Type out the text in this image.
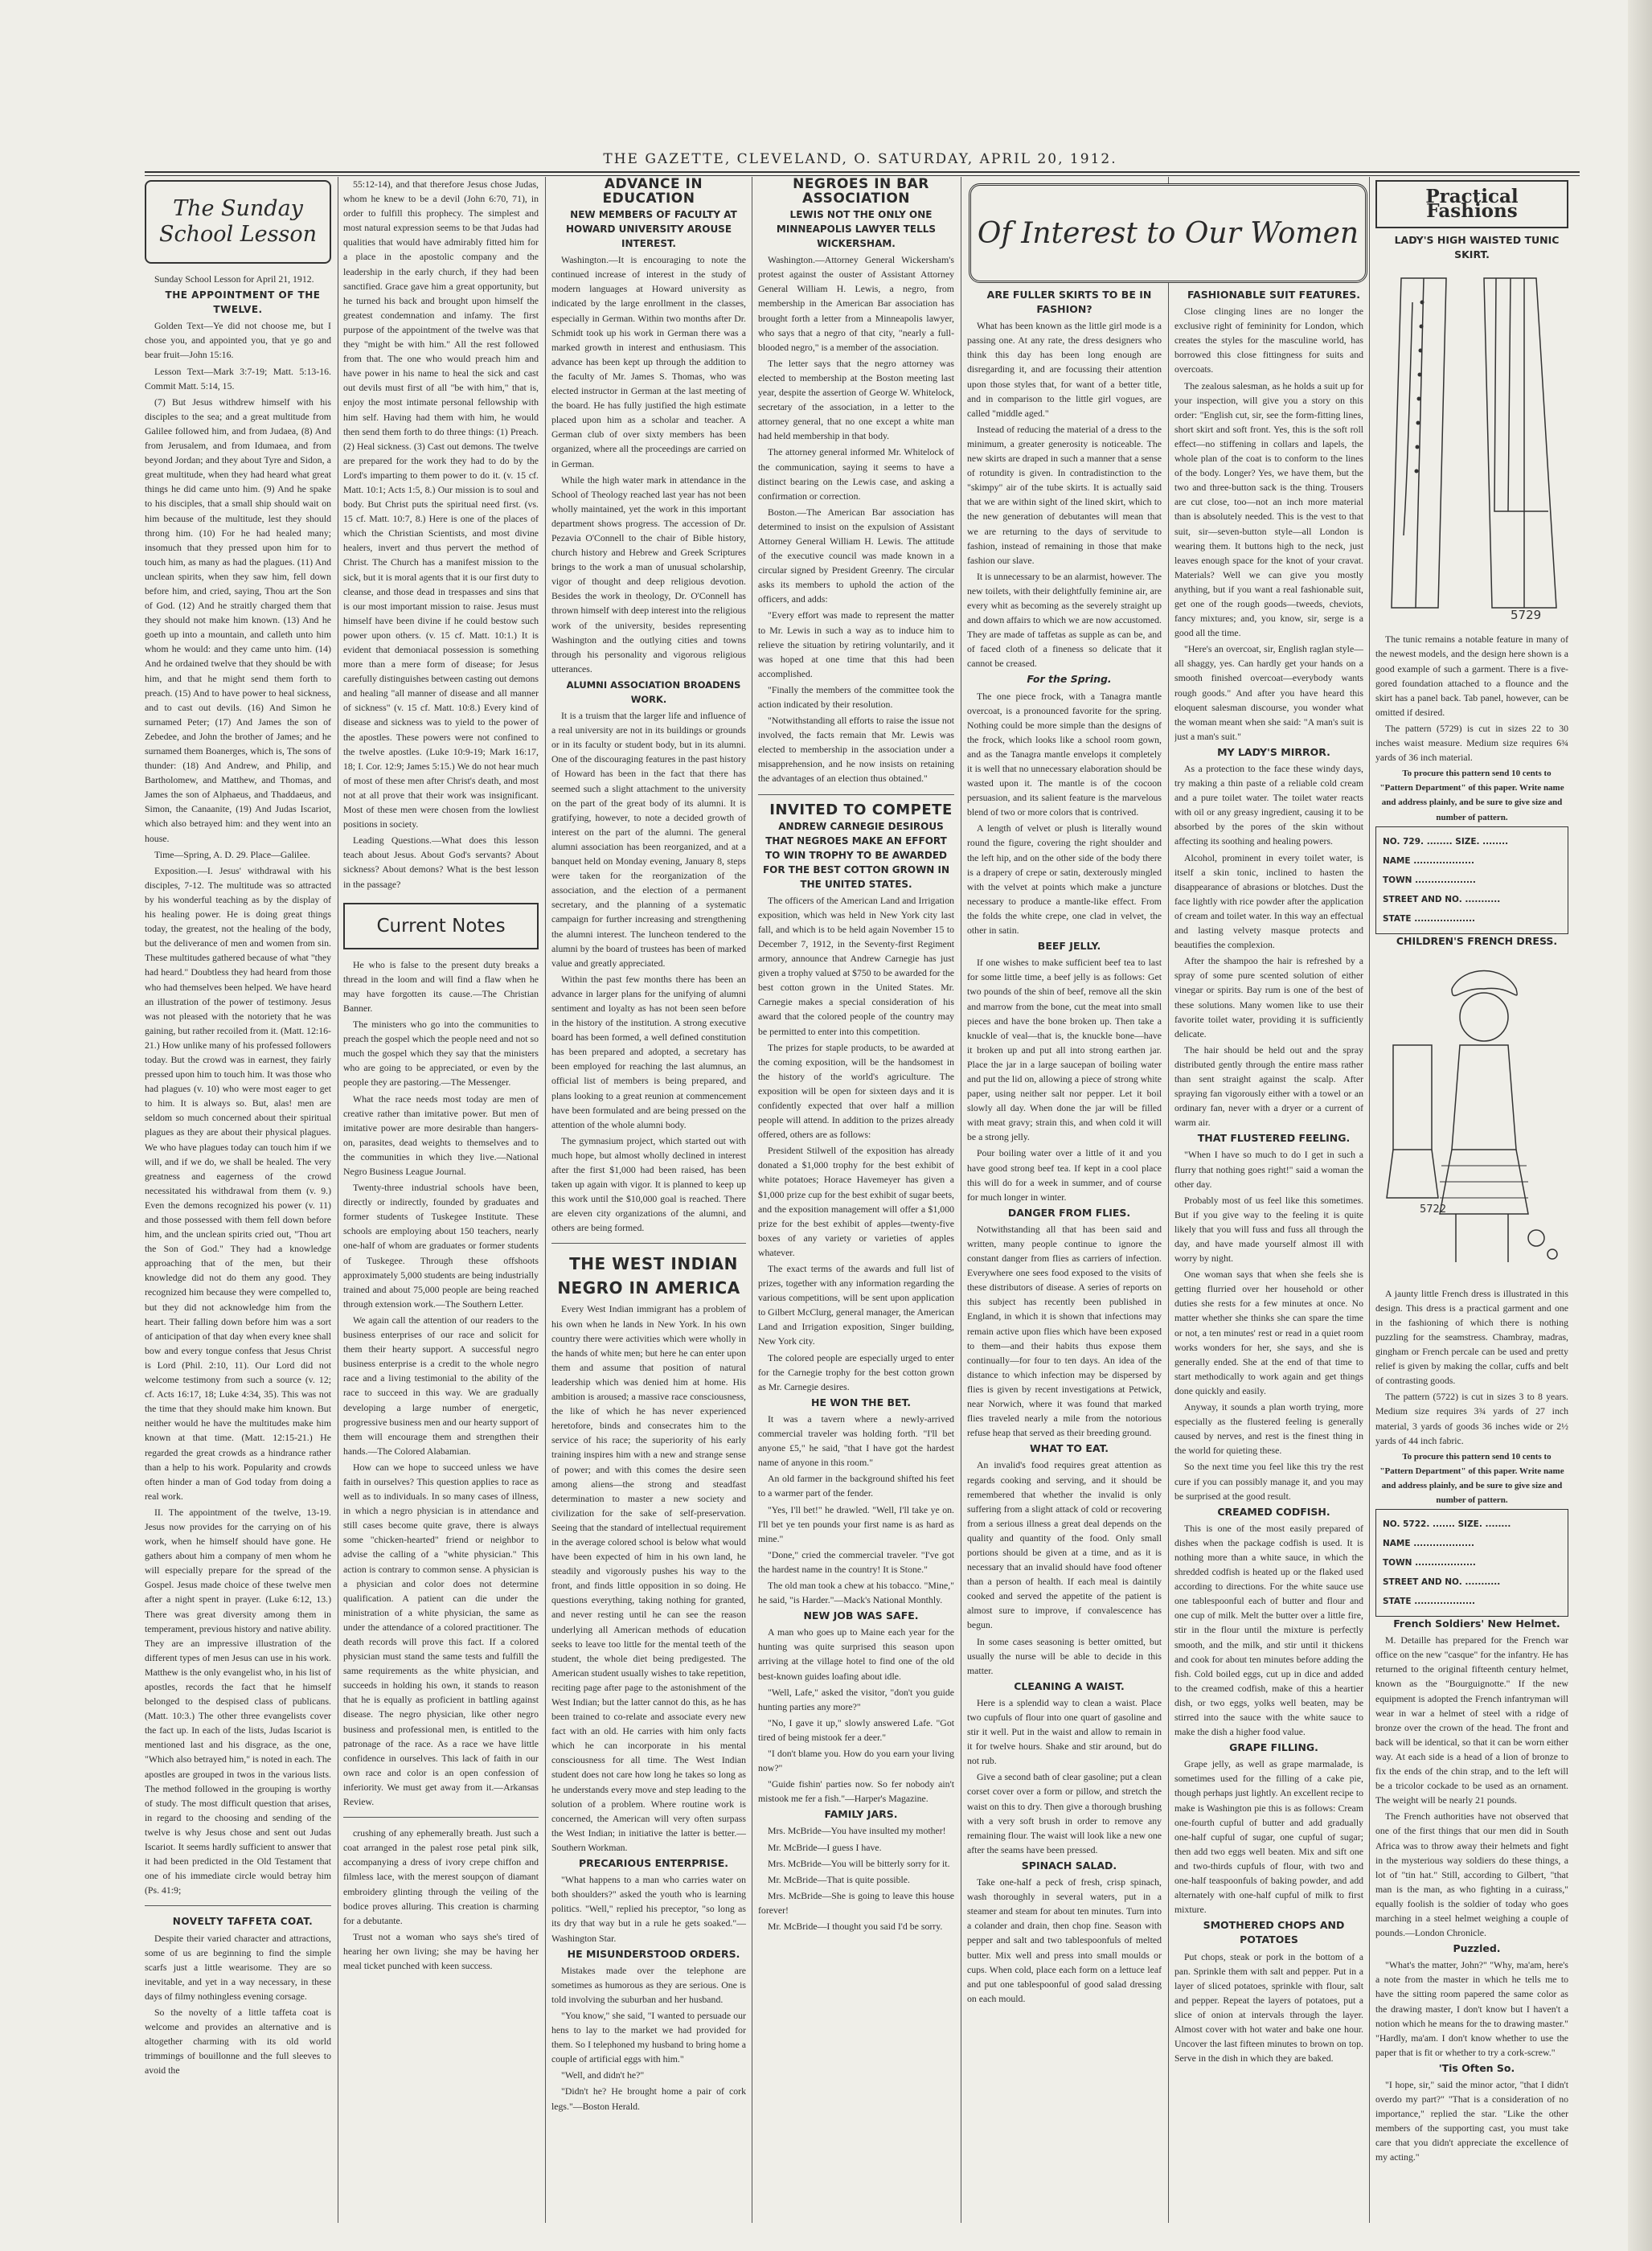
THE GAZETTE, CLEVELAND, O. SATURDAY, APRIL 20, 1912.
The Sunday School Lesson

Sunday School Lesson for April 21, 1912.

THE APPOINTMENT OF THE TWELVE.

Golden Text—Ye did not choose me, but I chose you, and appointed you, that ye go and bear fruit—John 15:16.

Lesson Text—Mark 3:7-19; Matt. 5:13-16. Commit Matt. 5:14, 15.

(7) But Jesus withdrew himself with his disciples to the sea; and a great multitude from Galilee followed him, and from Judaea, (8) And from Jerusalem, and from Idumaea, and from beyond Jordan; and they about Tyre and Sidon, a great multitude, when they had heard what great things he did came unto him. (9) And he spake to his disciples, that a small ship should wait on him because of the multitude, lest they should throng him. (10) For he had healed many; insomuch that they pressed upon him for to touch him, as many as had the plagues. (11) And unclean spirits, when they saw him, fell down before him, and cried, saying, Thou art the Son of God. (12) And he straitly charged them that they should not make him known. (13) And he goeth up into a mountain, and calleth unto him whom he would: and they came unto him. (14) And he ordained twelve that they should be with him, and that he might send them forth to preach. (15) And to have power to heal sickness, and to cast out devils. (16) And Simon he surnamed Peter; (17) And James the son of Zebedee, and John the brother of James; and he surnamed them Boanerges, which is, The sons of thunder: (18) And Andrew, and Philip, and Bartholomew, and Matthew, and Thomas, and James the son of Alphaeus, and Thaddaeus, and Simon, the Canaanite, (19) And Judas Iscariot, which also betrayed him: and they went into an house.

Time—Spring, A. D. 29. Place—Galilee.

Exposition.—I. Jesus' withdrawal with his disciples, 7-12. The multitude was so attracted by his wonderful teaching as by the display of his healing power. He is doing great things today, the greatest, not the healing of the body, but the deliverance of men and women from sin. These multitudes gathered because of what "they had heard." Doubtless they had heard from those who had themselves been helped. We have heard an illustration of the power of testimony. Jesus was not pleased with the notoriety that he was gaining, but rather recoiled from it. (Matt. 12:16-21.) How unlike many of his professed followers today. But the crowd was in earnest, they fairly pressed upon him to touch him. It was those who had plagues (v. 10) who were most eager to get to him. It is always so. But, alas! men are seldom so much concerned about their spiritual plagues as they are about their physical plagues. We who have plagues today can touch him if we will, and if we do, we shall be healed. The very greatness and eagerness of the crowd necessitated his withdrawal from them (v. 9.) Even the demons recognized his power (v. 11) and those possessed with them fell down before him, and the unclean spirits cried out, "Thou art the Son of God." They had a knowledge approaching that of the men, but their knowledge did not do them any good. They recognized him because they were compelled to, but they did not acknowledge him from the heart. Their falling down before him was a sort of anticipation of that day when every knee shall bow and every tongue confess that Jesus Christ is Lord (Phil. 2:10, 11). Our Lord did not welcome testimony from such a source (v. 12; cf. Acts 16:17, 18; Luke 4:34, 35). This was not the time that they should make him known. But neither would he have the multitudes make him known at that time. (Matt. 12:15-21.) He regarded the great crowds as a hindrance rather than a help to his work. Popularity and crowds often hinder a man of God today from doing a real work.

II. The appointment of the twelve, 13-19. Jesus now provides for the carrying on of his work, when he himself should have gone. He gathers about him a company of men whom he will especially prepare for the spread of the Gospel. Jesus made choice of these twelve men after a night spent in prayer. (Luke 6:12, 13.) There was great diversity among them in temperament, previous history and native ability. They are an impressive illustration of the different types of men Jesus can use in his work. Matthew is the only evangelist who, in his list of apostles, records the fact that he himself belonged to the despised class of publicans. (Matt. 10:3.) The other three evangelists cover the fact up. In each of the lists, Judas Iscariot is mentioned last and his disgrace, as the one, "Which also betrayed him," is noted in each. The apostles are grouped in twos in the various lists. The method followed in the grouping is worthy of study. The most difficult question that arises, in regard to the choosing and sending of the twelve is why Jesus chose and sent out Judas Iscariot. It seems hardly sufficient to answer that it had been predicted in the Old Testament that one of his immediate circle would betray him (Ps. 41:9;

NOVELTY TAFFETA COAT.

Despite their varied character and attractions, some of us are beginning to find the simple scarfs just a little wearisome. They are so inevitable, and yet in a way necessary, in these days of filmy nothingless evening corsage.

So the novelty of a little taffeta coat is welcome and provides an alternative and is altogether charming with its old world trimmings of bouillonne and the full sleeves to avoid the

55:12-14), and that therefore Jesus chose Judas, whom he knew to be a devil (John 6:70, 71), in order to fulfill this prophecy. The simplest and most natural expression seems to be that Judas had qualities that would have admirably fitted him for a place in the apostolic company and the leadership in the early church, if they had been sanctified. Grace gave him a great opportunity, but he turned his back and brought upon himself the greatest condemnation and infamy. The first purpose of the appointment of the twelve was that they "might be with him." All the rest followed from that. The one who would preach him and have power in his name to heal the sick and cast out devils must first of all "be with him," that is, enjoy the most intimate personal fellowship with him self. Having had them with him, he would then send them forth to do three things: (1) Preach. (2) Heal sickness. (3) Cast out demons. The twelve are prepared for the work they had to do by the Lord's imparting to them power to do it. (v. 15 cf. Matt. 10:1; Acts 1:5, 8.) Our mission is to soul and body. But Christ puts the spiritual need first. (vs. 15 cf. Matt. 10:7, 8.) Here is one of the places of which the Christian Scientists, and most divine healers, invert and thus pervert the method of Christ. The Church has a manifest mission to the sick, but it is moral agents that it is our first duty to cleanse, and those dead in trespasses and sins that is our most important mission to raise. Jesus must himself have been divine if he could bestow such power upon others. (v. 15 cf. Matt. 10:1.) It is evident that demoniacal possession is something more than a mere form of disease; for Jesus carefully distinguishes between casting out demons and healing "all manner of disease and all manner of sickness" (v. 15 cf. Matt. 10:8.) Every kind of disease and sickness was to yield to the power of the apostles. These powers were not confined to the twelve apostles. (Luke 10:9-19; Mark 16:17, 18; I. Cor. 12:9; James 5:15.) We do not hear much of most of these men after Christ's death, and most not at all prove that their work was insignificant. Most of these men were chosen from the lowliest positions in society.

Leading Questions.—What does this lesson teach about Jesus. About God's servants? About sickness? About demons? What is the best lesson in the passage?

Current Notes

He who is false to the present duty breaks a thread in the loom and will find a flaw when he may have forgotten its cause.—The Christian Banner.

The ministers who go into the communities to preach the gospel which the people need and not so much the gospel which they say that the ministers who are going to be appreciated, or even by the people they are pastoring.—The Messenger.

What the race needs most today are men of creative rather than imitative power. But men of imitative power are more desirable than hangers-on, parasites, dead weights to themselves and to the communities in which they live.—National Negro Business League Journal.

Twenty-three industrial schools have been, directly or indirectly, founded by graduates and former students of Tuskegee Institute. These schools are employing about 150 teachers, nearly one-half of whom are graduates or former students of Tuskegee. Through these offshoots approximately 5,000 students are being industrially trained and about 75,000 people are being reached through extension work.—The Southern Letter.

We again call the attention of our readers to the business enterprises of our race and solicit for them their hearty support. A successful negro business enterprise is a credit to the whole negro race and a living testimonial to the ability of the race to succeed in this way. We are gradually developing a large number of energetic, progressive business men and our hearty support of them will encourage them and strengthen their hands.—The Colored Alabamian.

How can we hope to succeed unless we have faith in ourselves? This question applies to race as well as to individuals. In so many cases of illness, in which a negro physician is in attendance and still cases become quite grave, there is always some "chicken-hearted" friend or neighbor to advise the calling of a "white physician." This action is contrary to common sense. A physician is a physician and color does not determine qualification. A patient can die under the ministration of a white physician, the same as under the attendance of a colored practitioner. The death records will prove this fact. If a colored physician must stand the same tests and fulfill the same requirements as the white physician, and succeeds in holding his own, it stands to reason that he is equally as proficient in battling against disease. The negro physician, like other negro business and professional men, is entitled to the patronage of the race. As a race we have little confidence in ourselves. This lack of faith in our own race and color is an open confession of inferiority. We must get away from it.—Arkansas Review.

crushing of any ephemerally breath. Just such a coat arranged in the palest rose petal pink silk, accompanying a dress of ivory crepe chiffon and filmless lace, with the merest soupçon of diamant embroidery glinting through the veiling of the bodice proves alluring. This creation is charming for a debutante.

Trust not a woman who says she's tired of hearing her own living; she may be having her meal ticket punched with keen success.

ADVANCE IN EDUCATION

NEW MEMBERS OF FACULTY AT HOWARD UNIVERSITY AROUSE INTEREST.

Washington.—It is encouraging to note the continued increase of interest in the study of modern languages at Howard university as indicated by the large enrollment in the classes, especially in German. Within two months after Dr. Schmidt took up his work in German there was a marked growth in interest and enthusiasm. This advance has been kept up through the addition to the faculty of Mr. James S. Thomas, who was elected instructor in German at the last meeting of the board. He has fully justified the high estimate placed upon him as a scholar and teacher. A German club of over sixty members has been organized, where all the proceedings are carried on in German.

While the high water mark in attendance in the School of Theology reached last year has not been wholly maintained, yet the work in this important department shows progress. The accession of Dr. Pezavia O'Connell to the chair of Bible history, church history and Hebrew and Greek Scriptures brings to the work a man of unusual scholarship, vigor of thought and deep religious devotion. Besides the work in theology, Dr. O'Connell has thrown himself with deep interest into the religious work of the university, besides representing Washington and the outlying cities and towns through his personality and vigorous religious utterances.

ALUMNI ASSOCIATION BROADENS WORK.

It is a truism that the larger life and influence of a real university are not in its buildings or grounds or in its faculty or student body, but in its alumni. One of the discouraging features in the past history of Howard has been in the fact that there has seemed such a slight attachment to the university on the part of the great body of its alumni. It is gratifying, however, to note a decided growth of interest on the part of the alumni. The general alumni association has been reorganized, and at a banquet held on Monday evening, January 8, steps were taken for the reorganization of the association, and the election of a permanent secretary, and the planning of a systematic campaign for further increasing and strengthening the alumni interest. The luncheon tendered to the alumni by the board of trustees has been of marked value and greatly appreciated.

Within the past few months there has been an advance in larger plans for the unifying of alumni sentiment and loyalty as has not been seen before in the history of the institution. A strong executive board has been formed, a well defined constitution has been prepared and adopted, a secretary has been employed for reaching the last alumnus, an official list of members is being prepared, and plans looking to a great reunion at commencement have been formulated and are being pressed on the attention of the whole alumni body.

The gymnasium project, which started out with much hope, but almost wholly declined in interest after the first $1,000 had been raised, has been taken up again with vigor. It is planned to keep up this work until the $10,000 goal is reached. There are eleven city organizations of the alumni, and others are being formed.

THE WEST INDIAN NEGRO IN AMERICA

Every West Indian immigrant has a problem of his own when he lands in New York. In his own country there were activities which were wholly in the hands of white men; but here he can enter upon them and assume that position of natural leadership which was denied him at home. His ambition is aroused; a massive race consciousness, the like of which he has never experienced heretofore, binds and consecrates him to the service of his race; the superiority of his early training inspires him with a new and strange sense of power; and with this comes the desire seen among aliens—the strong and steadfast determination to master a new society and civilization for the sake of self-preservation. Seeing that the standard of intellectual requirement in the average colored school is below what would have been expected of him in his own land, he steadily and vigorously pushes his way to the front, and finds little opposition in so doing. He questions everything, taking nothing for granted, and never resting until he can see the reason underlying all American methods of education seeks to leave too little for the mental teeth of the student, the whole diet being predigested. The American student usually wishes to take repetition, reciting page after page to the astonishment of the West Indian; but the latter cannot do this, as he has been trained to co-relate and associate every new fact with an old. He carries with him only facts which he can incorporate in his mental consciousness for all time. The West Indian student does not care how long he takes so long as he understands every move and step leading to the solution of a problem. Where routine work is concerned, the American will very often surpass the West Indian; in initiative the latter is better.—Southern Workman.

PRECARIOUS ENTERPRISE.

"What happens to a man who carries water on both shoulders?" asked the youth who is learning politics. "Well," replied his preceptor, "so long as its dry that way but in a rule he gets soaked."—Washington Star.

HE MISUNDERSTOOD ORDERS.

Mistakes made over the telephone are sometimes as humorous as they are serious. One is told involving the suburban and her husband.

"You know," she said, "I wanted to persuade our hens to lay to the market we had provided for them. So I telephoned my husband to bring home a couple of artificial eggs with him."

"Well, and didn't he?"

"Didn't he? He brought home a pair of cork legs."—Boston Herald.

NEGROES IN BAR ASSOCIATION

LEWIS NOT THE ONLY ONE MINNEAPOLIS LAWYER TELLS WICKERSHAM.

Washington.—Attorney General Wickersham's protest against the ouster of Assistant Attorney General William H. Lewis, a negro, from membership in the American Bar association has brought forth a letter from a Minneapolis lawyer, who says that a negro of that city, "nearly a full-blooded negro," is a member of the association.

The letter says that the negro attorney was elected to membership at the Boston meeting last year, despite the assertion of George W. Whitelock, secretary of the association, in a letter to the attorney general, that no one except a white man had held membership in that body.

The attorney general informed Mr. Whitelock of the communication, saying it seems to have a distinct bearing on the Lewis case, and asking a confirmation or correction.

Boston.—The American Bar association has determined to insist on the expulsion of Assistant Attorney General William H. Lewis. The attitude of the executive council was made known in a circular signed by President Greenry. The circular asks its members to uphold the action of the officers, and adds:

"Every effort was made to represent the matter to Mr. Lewis in such a way as to induce him to relieve the situation by retiring voluntarily, and it was hoped at one time that this had been accomplished.

"Finally the members of the committee took the action indicated by their resolution.

"Notwithstanding all efforts to raise the issue not involved, the facts remain that Mr. Lewis was elected to membership in the association under a misapprehension, and he now insists on retaining the advantages of an election thus obtained."

INVITED TO COMPETE

ANDREW CARNEGIE DESIROUS THAT NEGROES MAKE AN EFFORT TO WIN TROPHY TO BE AWARDED FOR THE BEST COTTON GROWN IN THE UNITED STATES.

The officers of the American Land and Irrigation exposition, which was held in New York city last fall, and which is to be held again November 15 to December 7, 1912, in the Seventy-first Regiment armory, announce that Andrew Carnegie has just given a trophy valued at $750 to be awarded for the best cotton grown in the United States. Mr. Carnegie makes a special consideration of his award that the colored people of the country may be permitted to enter into this competition.

The prizes for staple products, to be awarded at the coming exposition, will be the handsomest in the history of the world's agriculture. The exposition will be open for sixteen days and it is confidently expected that over half a million people will attend. In addition to the prizes already offered, others are as follows:

President Stilwell of the exposition has already donated a $1,000 trophy for the best exhibit of white potatoes; Horace Havemeyer has given a $1,000 prize cup for the best exhibit of sugar beets, and the exposition management will offer a $1,000 prize for the best exhibit of apples—twenty-five boxes of any variety or varieties of apples whatever.

The exact terms of the awards and full list of prizes, together with any information regarding the various competitions, will be sent upon application to Gilbert McClurg, general manager, the American Land and Irrigation exposition, Singer building, New York city.

The colored people are especially urged to enter for the Carnegie trophy for the best cotton grown as Mr. Carnegie desires.

HE WON THE BET.

It was a tavern where a newly-arrived commercial traveler was holding forth. "I'll bet anyone £5," he said, "that I have got the hardest name of anyone in this room."

An old farmer in the background shifted his feet to a warmer part of the fender.

"Yes, I'll bet!" he drawled. "Well, I'll take ye on. I'll bet ye ten pounds your first name is as hard as mine."

"Done," cried the commercial traveler. "I've got the hardest name in the country! It is Stone."

The old man took a chew at his tobacco. "Mine," he said, "is Harder."—Mack's National Monthly.

NEW JOB WAS SAFE.

A man who goes up to Maine each year for the hunting was quite surprised this season upon arriving at the village hotel to find one of the old best-known guides loafing about idle.

"Well, Lafe," asked the visitor, "don't you guide hunting parties any more?"

"No, I gave it up," slowly answered Lafe. "Got tired of being mistook fer a deer."

"I don't blame you. How do you earn your living now?"

"Guide fishin' parties now. So fer nobody ain't mistook me fer a fish."—Harper's Magazine.

FAMILY JARS.

Mrs. McBride—You have insulted my mother!

Mr. McBride—I guess I have.

Mrs. McBride—You will be bitterly sorry for it.

Mr. McBride—That is quite possible.

Mrs. McBride—She is going to leave this house forever!

Mr. McBride—I thought you said I'd be sorry.

Of Interest to Our Women

ARE FULLER SKIRTS TO BE IN FASHION?

What has been known as the little girl mode is a passing one. At any rate, the dress designers who think this day has been long enough are disregarding it, and are focussing their attention upon those styles that, for want of a better title, and in comparison to the little girl vogues, are called "middle aged."

Instead of reducing the material of a dress to the minimum, a greater generosity is noticeable. The new skirts are draped in such a manner that a sense of rotundity is given. In contradistinction to the "skimpy" air of the tube skirts. It is actually said that we are within sight of the lined skirt, which to the new generation of debutantes will mean that we are returning to the days of servitude to fashion, instead of remaining in those that make fashion our slave.

It is unnecessary to be an alarmist, however. The new toilets, with their delightfully feminine air, are every whit as becoming as the severely straight up and down affairs to which we are now accustomed. They are made of taffetas as supple as can be, and of faced cloth of a fineness so delicate that it cannot be creased.

For the Spring.

The one piece frock, with a Tanagra mantle overcoat, is a pronounced favorite for the spring. Nothing could be more simple than the designs of the frock, which looks like a school room gown, and as the Tanagra mantle envelops it completely it is well that no unnecessary elaboration should be wasted upon it. The mantle is of the cocoon persuasion, and its salient feature is the marvelous blend of two or more colors that is contrived.

A length of velvet or plush is literally wound round the figure, covering the right shoulder and the left hip, and on the other side of the body there is a drapery of crepe or satin, dexterously mingled with the velvet at points which make a juncture necessary to produce a mantle-like effect. From the folds the white crepe, one clad in velvet, the other in satin.

BEEF JELLY.

If one wishes to make sufficient beef tea to last for some little time, a beef jelly is as follows: Get two pounds of the shin of beef, remove all the skin and marrow from the bone, cut the meat into small pieces and have the bone broken up. Then take a knuckle of veal—that is, the knuckle bone—have it broken up and put all into strong earthen jar. Place the jar in a large saucepan of boiling water and put the lid on, allowing a piece of strong white paper, using neither salt nor pepper. Let it boil slowly all day. When done the jar will be filled with meat gravy; strain this, and when cold it will be a strong jelly.

Pour boiling water over a little of it and you have good strong beef tea. If kept in a cool place this will do for a week in summer, and of course for much longer in winter.

DANGER FROM FLIES.

Notwithstanding all that has been said and written, many people continue to ignore the constant danger from flies as carriers of infection. Everywhere one sees food exposed to the visits of these distributors of disease. A series of reports on this subject has recently been published in England, in which it is shown that infections may remain active upon flies which have been exposed to them—and their habits thus expose them continually—for four to ten days. An idea of the distance to which infection may be dispersed by flies is given by recent investigations at Petwick, near Norwich, where it was found that marked flies traveled nearly a mile from the notorious refuse heap that served as their breeding ground.

WHAT TO EAT.

An invalid's food requires great attention as regards cooking and serving, and it should be remembered that whether the invalid is only suffering from a slight attack of cold or recovering from a serious illness a great deal depends on the quality and quantity of the food. Only small portions should be given at a time, and as it is necessary that an invalid should have food oftener than a person of health. If each meal is daintily cooked and served the appetite of the patient is almost sure to improve, if convalescence has begun.

In some cases seasoning is better omitted, but usually the nurse will be able to decide in this matter.

CLEANING A WAIST.

Here is a splendid way to clean a waist. Place two cupfuls of flour into one quart of gasoline and stir it well. Put in the waist and allow to remain in it for twelve hours. Shake and stir around, but do not rub.

Give a second bath of clear gasoline; put a clean corset cover over a form or pillow, and stretch the waist on this to dry. Then give a thorough brushing with a very soft brush in order to remove any remaining flour. The waist will look like a new one after the seams have been pressed.

SPINACH SALAD.

Take one-half a peck of fresh, crisp spinach, wash thoroughly in several waters, put in a steamer and steam for about ten minutes. Turn into a colander and drain, then chop fine. Season with pepper and salt and two tablespoonfuls of melted butter. Mix well and press into small moulds or cups. When cold, place each form on a lettuce leaf and put one tablespoonful of good salad dressing on each mould.

FASHIONABLE SUIT FEATURES.

Close clinging lines are no longer the exclusive right of femininity for London, which creates the styles for the masculine world, has borrowed this close fittingness for suits and overcoats.

The zealous salesman, as he holds a suit up for your inspection, will give you a story on this order: "English cut, sir, see the form-fitting lines, short skirt and soft front. Yes, this is the soft roll effect—no stiffening in collars and lapels, the whole plan of the coat is to conform to the lines of the body. Longer? Yes, we have them, but the two and three-button sack is the thing. Trousers are cut close, too—not an inch more material than is absolutely needed. This is the vest to that suit, sir—seven-button style—all London is wearing them. It buttons high to the neck, just leaves enough space for the knot of your cravat. Materials? Well we can give you mostly anything, but if you want a real fashionable suit, get one of the rough goods—tweeds, cheviots, fancy mixtures; and, you know, sir, serge is a good all the time.

"Here's an overcoat, sir, English raglan style—all shaggy, yes. Can hardly get your hands on a smooth finished overcoat—everybody wants rough goods." And after you have heard this eloquent salesman discourse, you wonder what the woman meant when she said: "A man's suit is just a man's suit."

MY LADY'S MIRROR.

As a protection to the face these windy days, try making a thin paste of a reliable cold cream and a pure toilet water. The toilet water reacts with oil or any greasy ingredient, causing it to be absorbed by the pores of the skin without affecting its soothing and healing powers.

Alcohol, prominent in every toilet water, is itself a skin tonic, inclined to hasten the disappearance of abrasions or blotches. Dust the face lightly with rice powder after the application of cream and toilet water. In this way an effectual and lasting velvety masque protects and beautifies the complexion.

After the shampoo the hair is refreshed by a spray of some pure scented solution of either vinegar or spirits. Bay rum is one of the best of these solutions. Many women like to use their favorite toilet water, providing it is sufficiently delicate.

The hair should be held out and the spray distributed gently through the entire mass rather than sent straight against the scalp. After spraying fan vigorously either with a towel or an ordinary fan, never with a dryer or a current of warm air.

THAT FLUSTERED FEELING.

"When I have so much to do I get in such a flurry that nothing goes right!" said a woman the other day.

Probably most of us feel like this sometimes. But if you give way to the feeling it is quite likely that you will fuss and fuss all through the day, and have made yourself almost ill with worry by night.

One woman says that when she feels she is getting flurried over her household or other duties she rests for a few minutes at once. No matter whether she thinks she can spare the time or not, a ten minutes' rest or read in a quiet room works wonders for her, she says, and she is generally ended. She at the end of that time to start methodically to work again and get things done quickly and easily.

Anyway, it sounds a plan worth trying, more especially as the flustered feeling is generally caused by nerves, and rest is the finest thing in the world for quieting these.

So the next time you feel like this try the rest cure if you can possibly manage it, and you may be surprised at the good result.

CREAMED CODFISH.

This is one of the most easily prepared of dishes when the package codfish is used. It is nothing more than a white sauce, in which the shredded codfish is heated up or the flaked used according to directions. For the white sauce use one tablespoonful each of butter and flour and one cup of milk. Melt the butter over a little fire, stir in the flour until the mixture is perfectly smooth, and the milk, and stir until it thickens and cook for about ten minutes before adding the fish. Cold boiled eggs, cut up in dice and added to the creamed codfish, make of this a heartier dish, or two eggs, yolks well beaten, may be stirred into the sauce with the white sauce to make the dish a higher food value.

GRAPE FILLING.

Grape jelly, as well as grape marmalade, is sometimes used for the filling of a cake pie, though perhaps just lightly. An excellent recipe to make is Washington pie this is as follows: Cream one-fourth cupful of butter and add gradually one-half cupful of sugar, one cupful of sugar; then add two eggs well beaten. Mix and sift one and two-thirds cupfuls of flour, with two and one-half teaspoonfuls of baking powder, and add alternately with one-half cupful of milk to first mixture.

SMOTHERED CHOPS AND POTATOES

Put chops, steak or pork in the bottom of a pan. Sprinkle them with salt and pepper. Put in a layer of sliced potatoes, sprinkle with flour, salt and pepper. Repeat the layers of potatoes, put a slice of onion at intervals through the layer. Almost cover with hot water and bake one hour. Uncover the last fifteen minutes to brown on top. Serve in the dish in which they are baked.

Practical Fashions

LADY'S HIGH WAISTED TUNIC SKIRT.

5729

The tunic remains a notable feature in many of the newest models, and the design here shown is a good example of such a garment. There is a five-gored foundation attached to a flounce and the skirt has a panel back. Tab panel, however, can be omitted if desired.

The pattern (5729) is cut in sizes 22 to 30 inches waist measure. Medium size requires 6¾ yards of 36 inch material.

To procure this pattern send 10 cents to "Pattern Department" of this paper. Write name and address plainly, and be sure to give size and number of pattern.

NO. 729. ........ SIZE. ........
NAME ...................
TOWN ...................
STREET AND NO. ...........
STATE ...................

CHILDREN'S FRENCH DRESS.

5722

A jaunty little French dress is illustrated in this design. This dress is a practical garment and one in the fashioning of which there is nothing puzzling for the seamstress. Chambray, madras, gingham or French percale can be used and pretty relief is given by making the collar, cuffs and belt of contrasting goods.

The pattern (5722) is cut in sizes 3 to 8 years. Medium size requires 3¾ yards of 27 inch material, 3 yards of goods 36 inches wide or 2½ yards of 44 inch fabric.

To procure this pattern send 10 cents to "Pattern Department" of this paper. Write name and address plainly, and be sure to give size and number of pattern.

NO. 5722. ....... SIZE. ........
NAME ...................
TOWN ...................
STREET AND NO. ...........
STATE ...................

French Soldiers' New Helmet.

M. Detaille has prepared for the French war office on the new "casque" for the infantry. He has returned to the original fifteenth century helmet, known as the "Bourguignotte." If the new equipment is adopted the French infantryman will wear in war a helmet of steel with a ridge of bronze over the crown of the head. The front and back will be identical, so that it can be worn either way. At each side is a head of a lion of bronze to fix the ends of the chin strap, and to the left will be a tricolor cockade to be used as an ornament. The weight will be nearly 21 pounds.

The French authorities have not observed that one of the first things that our men did in South Africa was to throw away their helmets and fight in the mysterious way soldiers do these things, a lot of "tin hat." Still, according to Gilbert, "that man is the man, as who fighting in a cuirass," equally foolish is the soldier of today who goes marching in a steel helmet weighing a couple of pounds.—London Chronicle.

Puzzled.

"What's the matter, John?" "Why, ma'am, here's a note from the master in which he tells me to have the sitting room papered the same color as the drawing master, I don't know but I haven't a notion which he means for the to drawing master." "Hardly, ma'am. I don't know whether to use the paper that is fit or whether to try a cork-screw."

'Tis Often So.

"I hope, sir," said the minor actor, "that I didn't overdo my part?" "That is a consideration of no importance," replied the star. "Like the other members of the supporting cast, you must take care that you didn't appreciate the excellence of my acting."
